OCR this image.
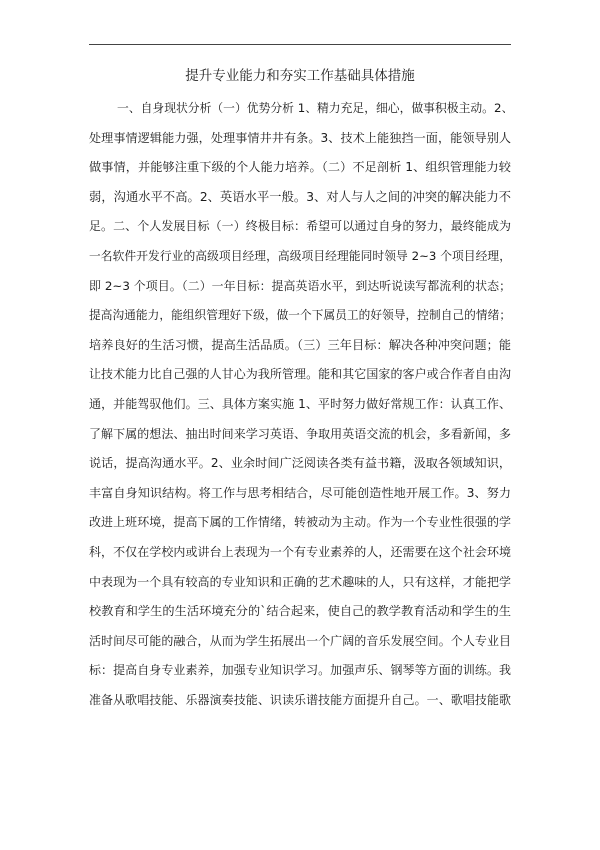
提升专业能力和夯实工作基础具体措施
一、自身现状分析（一）优势分析 1、精力充足，细心，做事积极主动。2、
处理事情逻辑能力强，处理事情井井有条。3、技术上能独挡一面，能领导别人
做事情，并能够注重下级的个人能力培养。（二）不足剖析 1、组织管理能力较
弱，沟通水平不高。2、英语水平一般。3、对人与人之间的冲突的解决能力不
足。二、个人发展目标（一）终极目标：希望可以通过自身的努力，最终能成为
一名软件开发行业的高级项目经理，高级项目经理能同时领导 2~3 个项目经理，
即 2~3 个项目。（二）一年目标：提高英语水平，到达听说读写都流利的状态；
提高沟通能力，能组织管理好下级，做一个下属员工的好领导，控制自己的情绪；
培养良好的生活习惯，提高生活品质。（三）三年目标：解决各种冲突问题；能
让技术能力比自己强的人甘心为我所管理。能和其它国家的客户或合作者自由沟
通，并能驾驭他们。三、具体方案实施 1、平时努力做好常规工作：认真工作、
了解下属的想法、抽出时间来学习英语、争取用英语交流的机会，多看新闻，多
说话，提高沟通水平。2、业余时间广泛阅读各类有益书籍，汲取各领域知识，
丰富自身知识结构。将工作与思考相结合，尽可能创造性地开展工作。3、努力
改进上班环境，提高下属的工作情绪，转被动为主动。作为一个专业性很强的学
科，不仅在学校内或讲台上表现为一个有专业素养的人，还需要在这个社会环境
中表现为一个具有较高的专业知识和正确的艺术趣味的人，只有这样，才能把学
校教育和学生的生活环境充分的`结合起来，使自己的教学教育活动和学生的生
活时间尽可能的融合，从而为学生拓展出一个广阔的音乐发展空间。个人专业目
标：提高自身专业素养，加强专业知识学习。加强声乐、钢琴等方面的训练。我
准备从歌唱技能、乐器演奏技能、识读乐谱技能方面提升自己。一、歌唱技能歌
